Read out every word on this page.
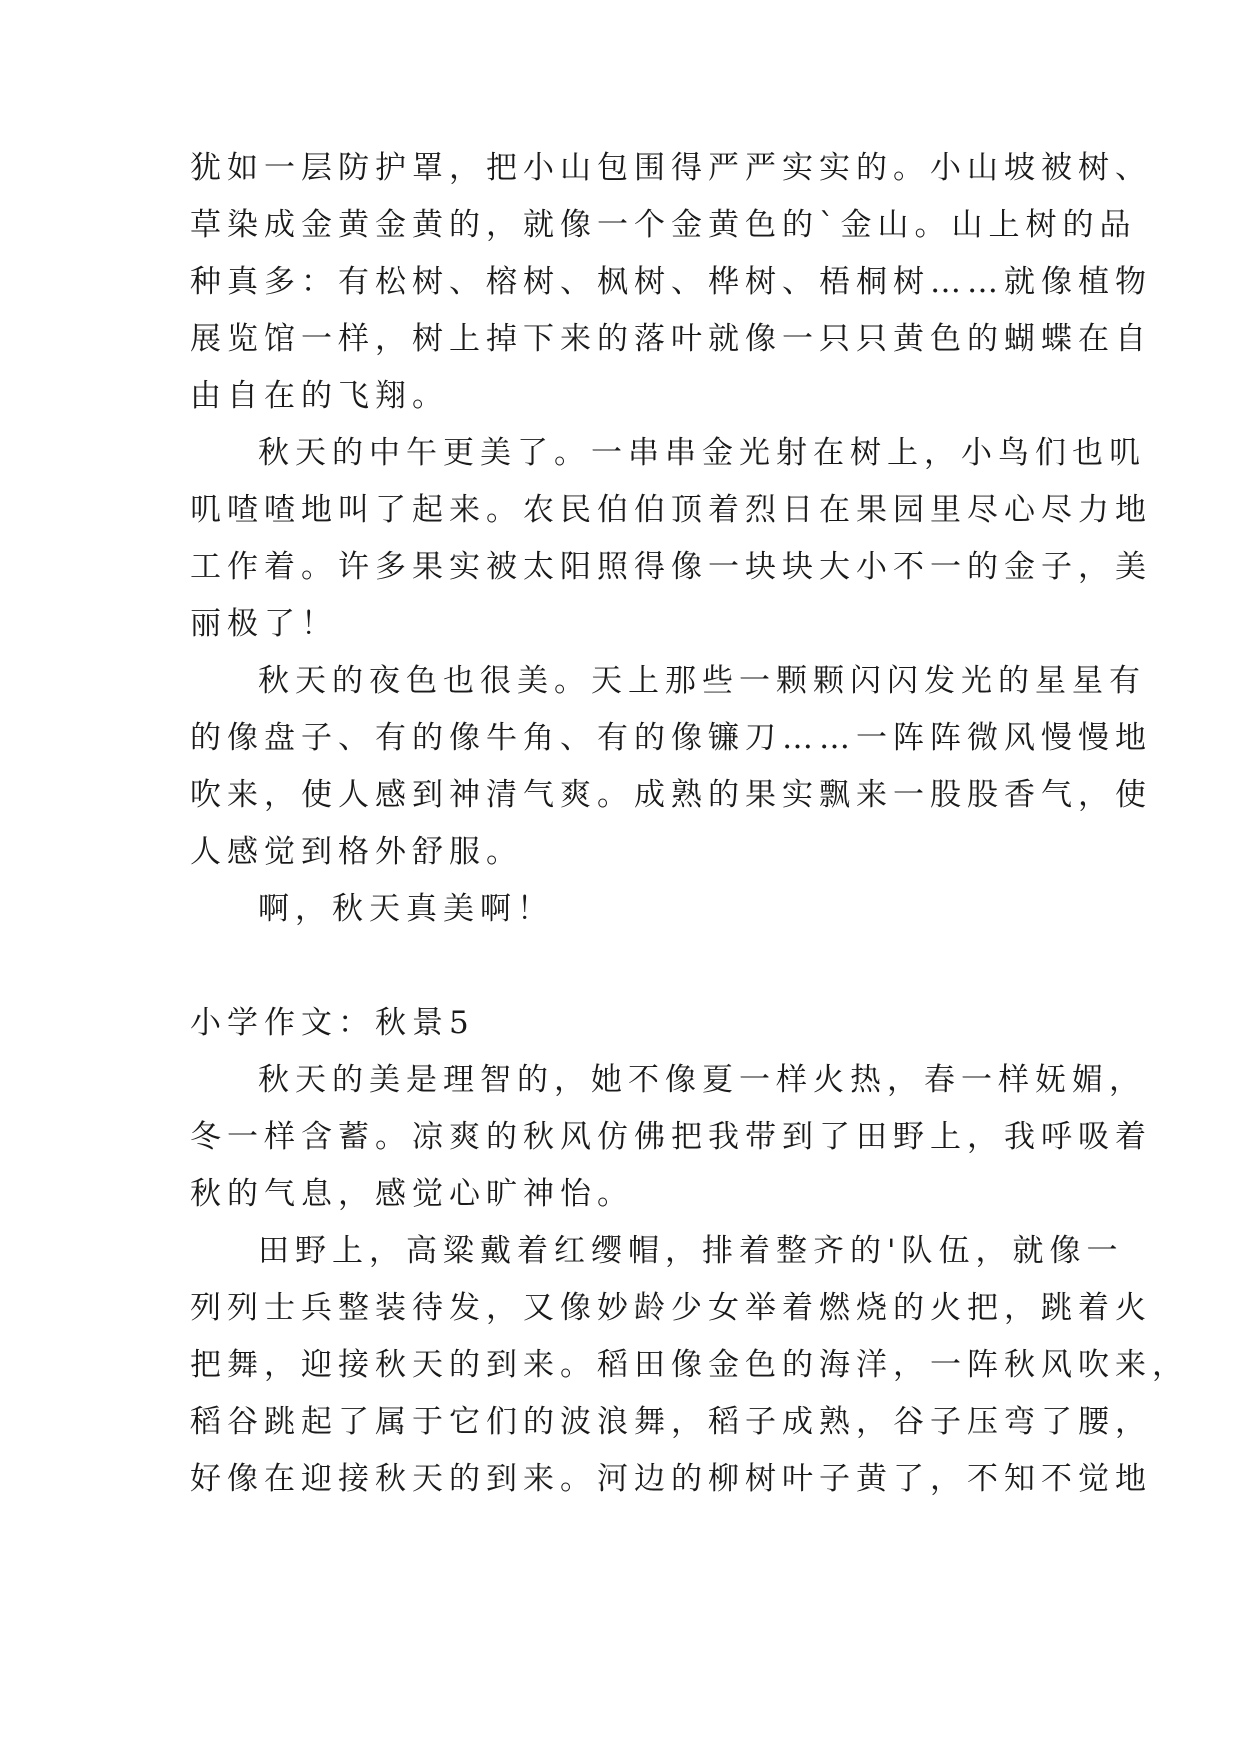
犹如一层防护罩，把小山包围得严严实实的。小山坡被树、
草染成金黄金黄的，就像一个金黄色的`金山。山上树的品
种真多：有松树、榕树、枫树、桦树、梧桐树……就像植物
展览馆一样，树上掉下来的落叶就像一只只黄色的蝴蝶在自
由自在的飞翔。
秋天的中午更美了。一串串金光射在树上，小鸟们也叽
叽喳喳地叫了起来。农民伯伯顶着烈日在果园里尽心尽力地
工作着。许多果实被太阳照得像一块块大小不一的金子，美
丽极了！
秋天的夜色也很美。天上那些一颗颗闪闪发光的星星有
的像盘子、有的像牛角、有的像镰刀……一阵阵微风慢慢地
吹来，使人感到神清气爽。成熟的果实飘来一股股香气，使
人感觉到格外舒服。
啊，秋天真美啊！
小学作文：秋景5
秋天的美是理智的，她不像夏一样火热，春一样妩媚，
冬一样含蓄。凉爽的秋风仿佛把我带到了田野上，我呼吸着
秋的气息，感觉心旷神怡。
田野上，高粱戴着红缨帽，排着整齐的'队伍，就像一
列列士兵整装待发，又像妙龄少女举着燃烧的火把，跳着火
把舞，迎接秋天的到来。稻田像金色的海洋，一阵秋风吹来，
稻谷跳起了属于它们的波浪舞，稻子成熟，谷子压弯了腰，
好像在迎接秋天的到来。河边的柳树叶子黄了，不知不觉地
